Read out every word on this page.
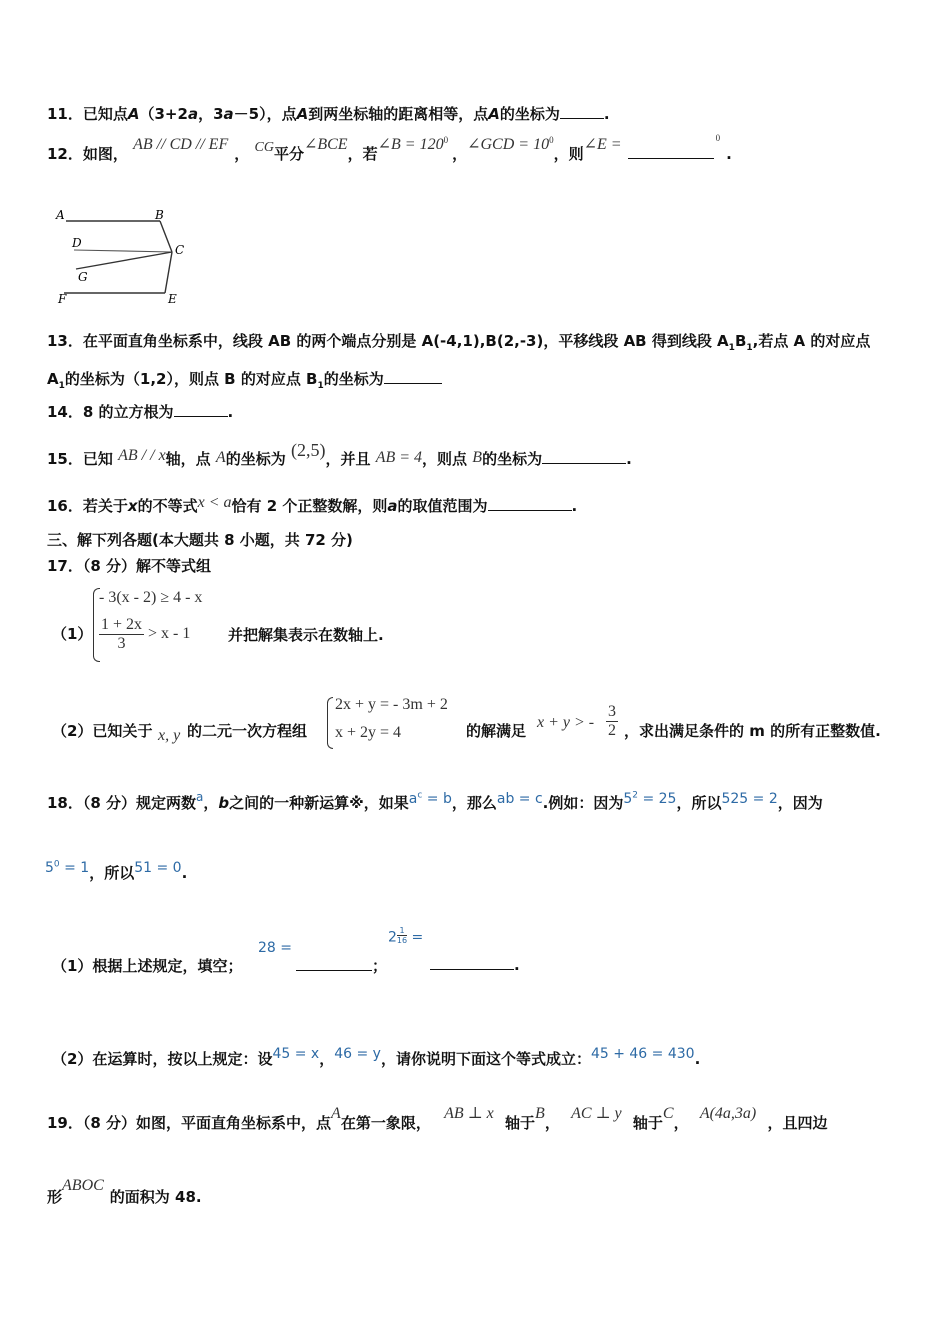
11．已知点A（3+2a，3a－5），点A到两坐标轴的距离相等，点A的坐标为	.
12．如图， AB // CD // EF， CG平分∠BCE，若∠B = $120^0$，∠GCD = $10^0$，则∠E =	$^0$.
A	B
C
D
G
F	E
13．在平面直角坐标系中，线段 AB 的两个端点分别是 A(-4,1),B(2,-3)，平移线段 AB 得到线段 $A_1B_1$,若点 A 的对应点
$A_1$的坐标为（1,2），则点 B 的对应点 $B_1$的坐标为
14．8 的立方根为	.
15．已知 AB / / x轴，点 A的坐标为 (2,5)，并且 AB = 4，则点 B的坐标为	.
16．若关于x的不等式x < a恰有 2 个正整数解，则a的取值范围为	.
三、解下列各题(本大题共 8 小题，共 72 分)
17．（8 分）解不等式组
（1）
- 3(x - 2) ≥ 4 - x
$\frac{1 + 2x}{3} > x - 1$	并把解集表示在数轴上.
（2）已知关于 x, y 的二元一次方程组
2x + y = - 3m + 2
x + 2y = 4	的解满足 x + y > - $\frac{3}{2}$ ，求出满足条件的 m 的所有正整数值.
18．（8 分）规定两数$^a$，b之间的一种新运算※，如果$a^c = b$，那么ab = c.例如：因为$5^2 = 25$，所以525 = 2，因为
$5^0 = 1$，所以51 = 0.
（1）根据上述规定，填空；
28 =
；
$2 \frac{1}{16}$ =
.
（2）在运算时，按以上规定：设45 = x，46 = y，请你说明下面这个等式成立：45 + 46 = 430.
19．（8 分）如图，平面直角坐标系中，点A在第一象限， AB ⊥ x 轴于B， AC ⊥ y 轴于C， A(4a,3a) ，且四边
形ABOC的面积为 48.
